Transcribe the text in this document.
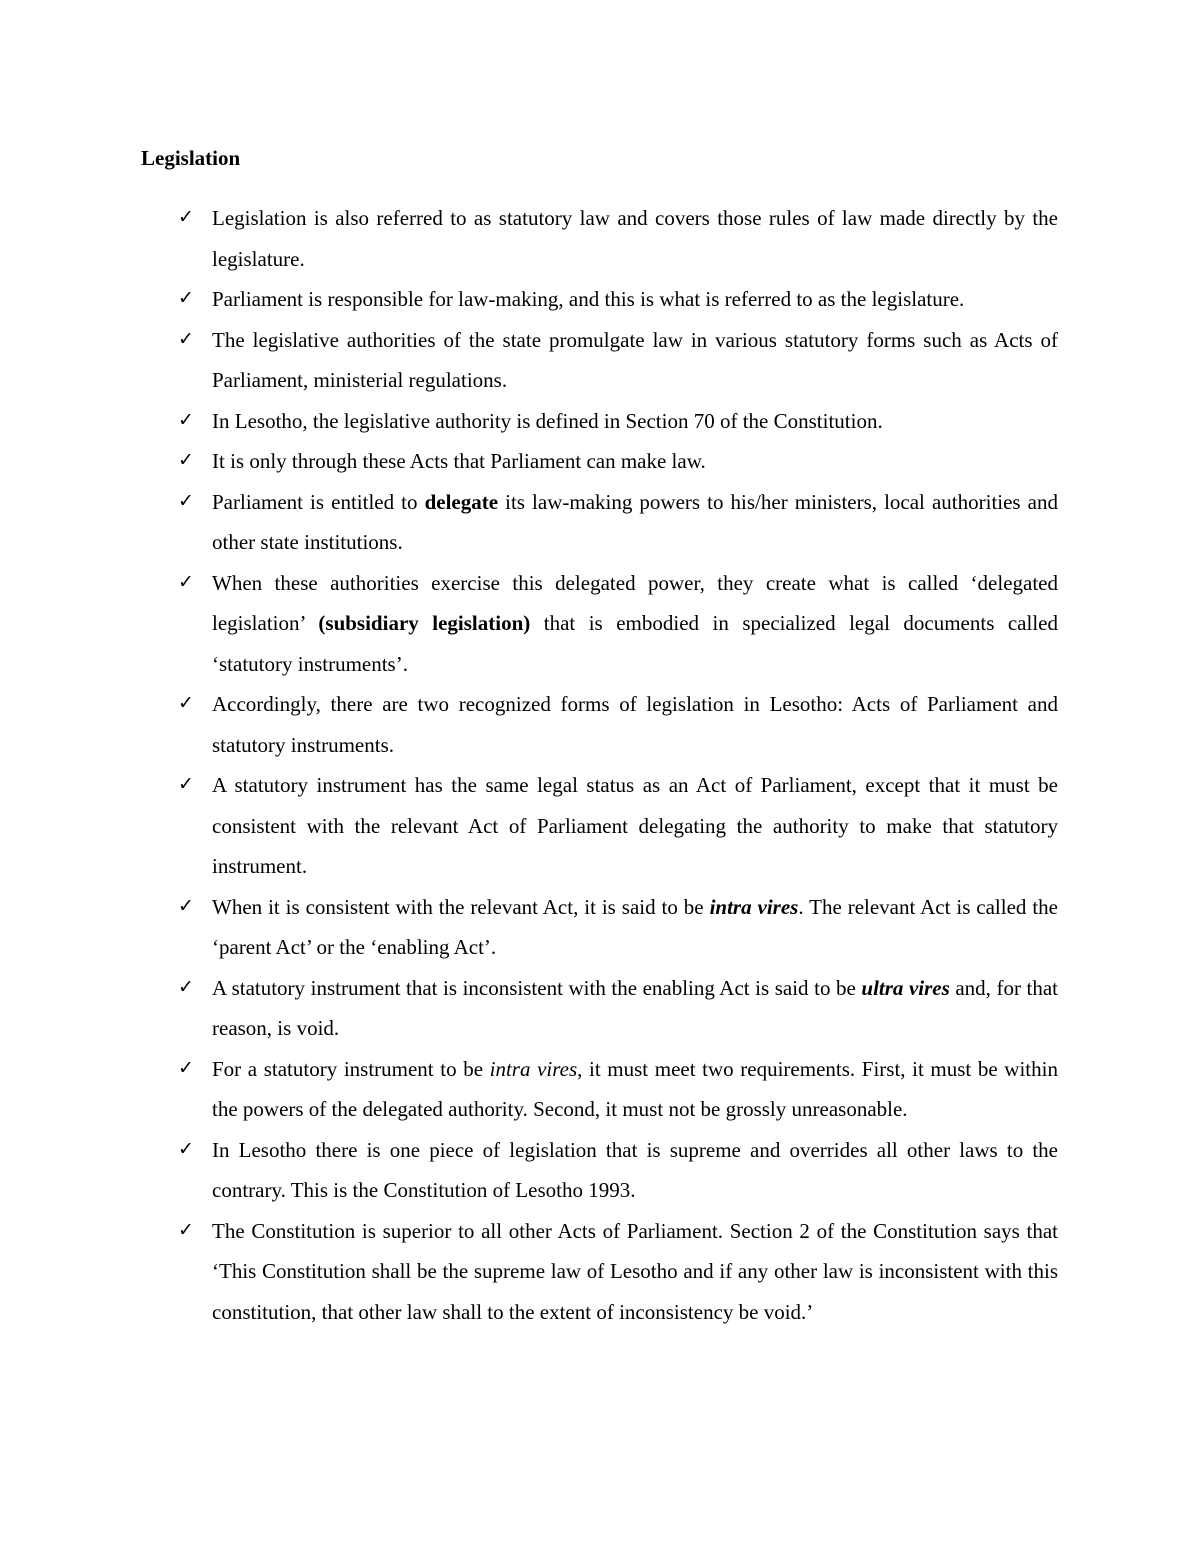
Legislation
✓ Legislation is also referred to as statutory law and covers those rules of law made directly by the legislature.
✓ Parliament is responsible for law-making, and this is what is referred to as the legislature.
✓ The legislative authorities of the state promulgate law in various statutory forms such as Acts of Parliament, ministerial regulations.
✓ In Lesotho, the legislative authority is defined in Section 70 of the Constitution.
✓ It is only through these Acts that Parliament can make law.
✓ Parliament is entitled to delegate its law-making powers to his/her ministers, local authorities and other state institutions.
✓ When these authorities exercise this delegated power, they create what is called ‘delegated legislation’ (subsidiary legislation) that is embodied in specialized legal documents called ‘statutory instruments’.
✓ Accordingly, there are two recognized forms of legislation in Lesotho: Acts of Parliament and statutory instruments.
✓ A statutory instrument has the same legal status as an Act of Parliament, except that it must be consistent with the relevant Act of Parliament delegating the authority to make that statutory instrument.
✓ When it is consistent with the relevant Act, it is said to be intra vires. The relevant Act is called the ‘parent Act’ or the ‘enabling Act’.
✓ A statutory instrument that is inconsistent with the enabling Act is said to be ultra vires and, for that reason, is void.
✓ For a statutory instrument to be intra vires, it must meet two requirements. First, it must be within the powers of the delegated authority. Second, it must not be grossly unreasonable.
✓ In Lesotho there is one piece of legislation that is supreme and overrides all other laws to the contrary. This is the Constitution of Lesotho 1993.
✓ The Constitution is superior to all other Acts of Parliament. Section 2 of the Constitution says that ‘This Constitution shall be the supreme law of Lesotho and if any other law is inconsistent with this constitution, that other law shall to the extent of inconsistency be void.’
